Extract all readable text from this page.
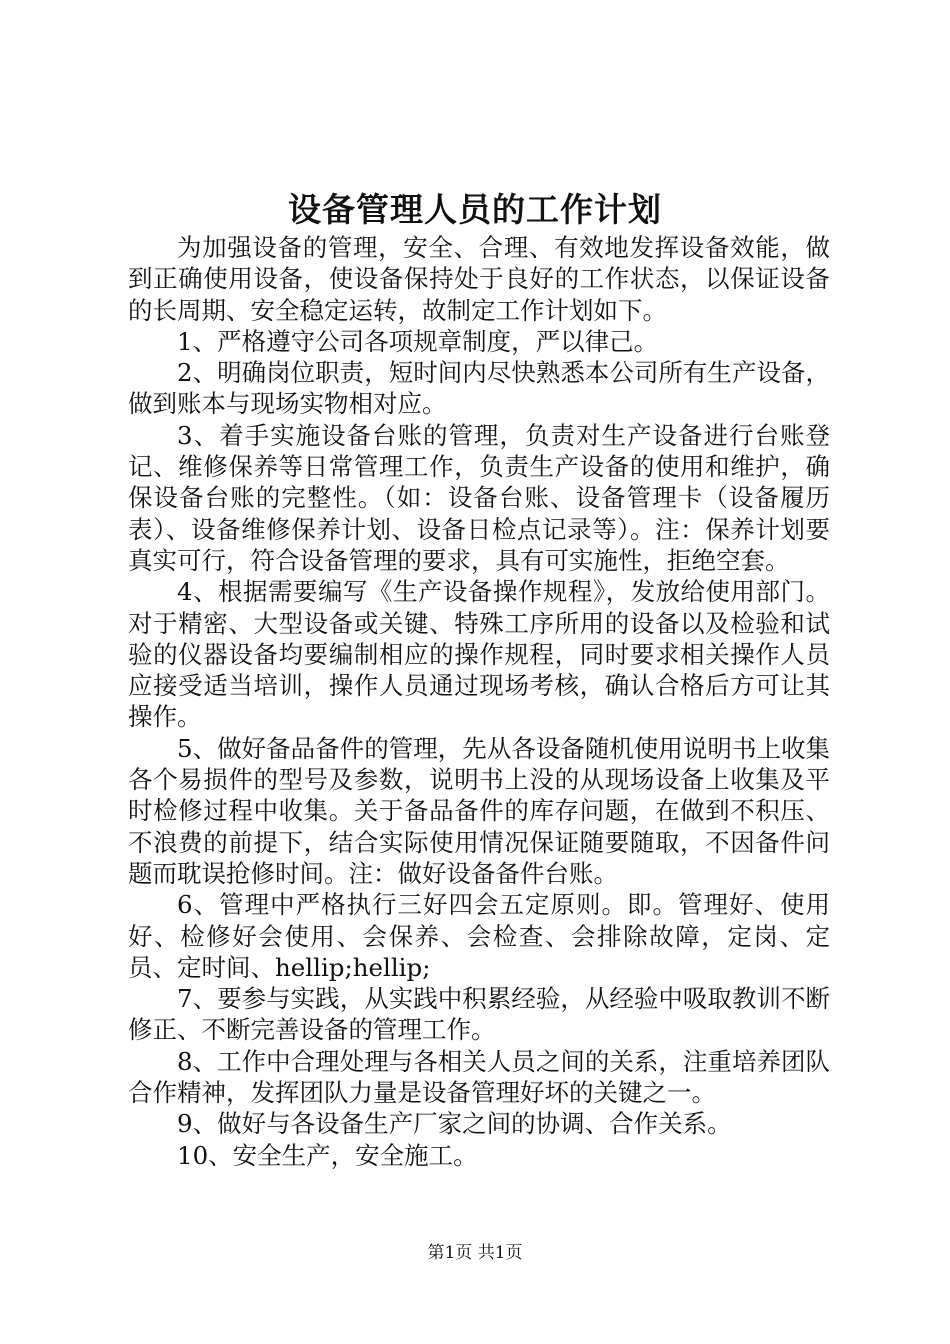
设备管理人员的工作计划

为加强设备的管理，安全、合理、有效地发挥设备效能，做到正确使用设备，使设备保持处于良好的工作状态，以保证设备的长周期、安全稳定运转，故制定工作计划如下。

1、严格遵守公司各项规章制度，严以律己。

2、明确岗位职责，短时间内尽快熟悉本公司所有生产设备，做到账本与现场实物相对应。

3、着手实施设备台账的管理，负责对生产设备进行台账登记、维修保养等日常管理工作，负责生产设备的使用和维护，确保设备台账的完整性。（如：设备台账、设备管理卡（设备履历表）、设备维修保养计划、设备日检点记录等）。注：保养计划要真实可行，符合设备管理的要求，具有可实施性，拒绝空套。

4、根据需要编写《生产设备操作规程》，发放给使用部门。对于精密、大型设备或关键、特殊工序所用的设备以及检验和试验的仪器设备均要编制相应的操作规程，同时要求相关操作人员应接受适当培训，操作人员通过现场考核，确认合格后方可让其操作。

5、做好备品备件的管理，先从各设备随机使用说明书上收集各个易损件的型号及参数，说明书上没的从现场设备上收集及平时检修过程中收集。关于备品备件的库存问题，在做到不积压、不浪费的前提下，结合实际使用情况保证随要随取，不因备件问题而耽误抢修时间。注：做好设备备件台账。

6、管理中严格执行三好四会五定原则。即。管理好、使用好、检修好会使用、会保养、会检查、会排除故障，定岗、定员、定时间、hellip;hellip;

7、要参与实践，从实践中积累经验，从经验中吸取教训不断修正、不断完善设备的管理工作。

8、工作中合理处理与各相关人员之间的关系，注重培养团队合作精神，发挥团队力量是设备管理好坏的关键之一。

9、做好与各设备生产厂家之间的协调、合作关系。

10、安全生产，安全施工。

第1页 共1页
